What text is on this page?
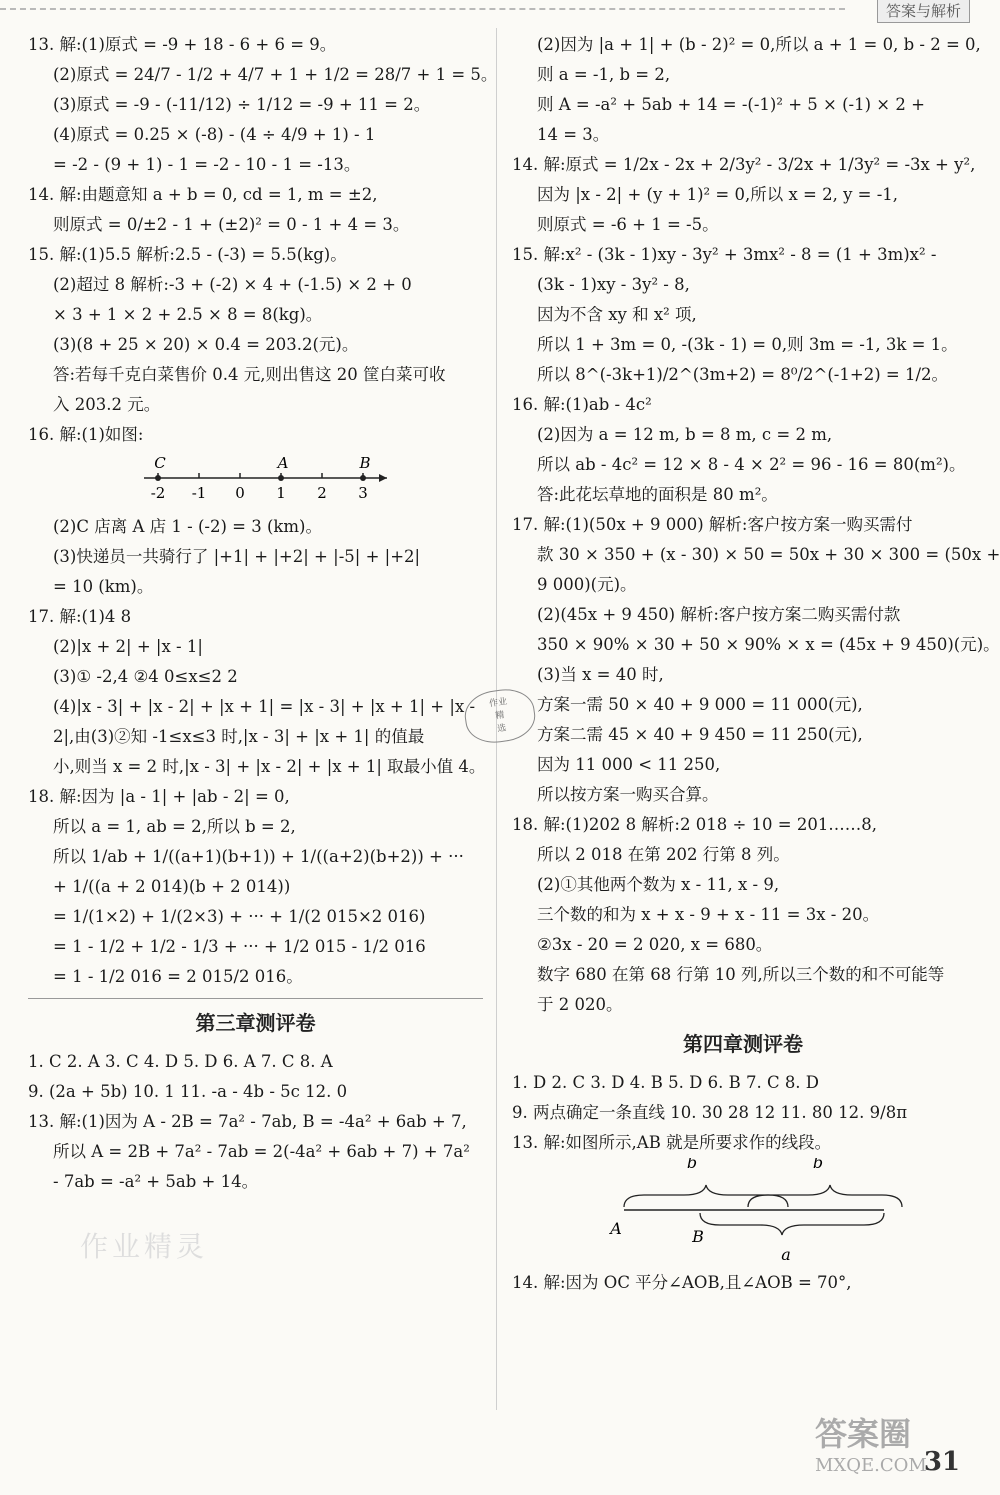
答案与解析
13. 解:(1)原式 = -9 + 18 - 6 + 6 = 9。
(2)原式 = 24/7 - 1/2 + 4/7 + 1 + 1/2 = 28/7 + 1 = 5。
(3)原式 = -9 - (-11/12) ÷ 1/12 = -9 + 11 = 2。
(4)原式 = 0.25 × (-8) - (4 ÷ 4/9 + 1) - 1
= -2 - (9 + 1) - 1 = -2 - 10 - 1 = -13。
14. 解:由题意知 a + b = 0, cd = 1, m = ±2,
则原式 = 0/±2 - 1 + (±2)² = 0 - 1 + 4 = 3。
15. 解:(1)5.5 解析:2.5 - (-3) = 5.5(kg)。
(2)超过 8 解析:-3 + (-2) × 4 + (-1.5) × 2 + 0
× 3 + 1 × 2 + 2.5 × 8 = 8(kg)。
(3)(8 + 25 × 20) × 0.4 = 203.2(元)。
答:若每千克白菜售价 0.4 元,则出售这 20 筐白菜可收
入 203.2 元。
16. 解:(1)如图:
-2 -1 0 1 2 3
C	A	B
(2)C 店离 A 店 1 - (-2) = 3 (km)。
(3)快递员一共骑行了 |+1| + |+2| + |-5| + |+2|
= 10 (km)。
17. 解:(1)4 8
(2)|x + 2| + |x - 1|
(3)① -2,4 ②4 0≤x≤2 2
(4)|x - 3| + |x - 2| + |x + 1| = |x - 3| + |x + 1| + |x -
2|,由(3)②知 -1≤x≤3 时,|x - 3| + |x + 1| 的值最
小,则当 x = 2 时,|x - 3| + |x - 2| + |x + 1| 取最小值 4。
18. 解:因为 |a - 1| + |ab - 2| = 0,
所以 a = 1, ab = 2,所以 b = 2,
所以 1/ab + 1/((a+1)(b+1)) + 1/((a+2)(b+2)) + ···
+ 1/((a + 2 014)(b + 2 014))
= 1/(1×2) + 1/(2×3) + ··· + 1/(2 015×2 016)
= 1 - 1/2 + 1/2 - 1/3 + ··· + 1/2 015 - 1/2 016
= 1 - 1/2 016 = 2 015/2 016。
第三章测评卷
1. C 2. A 3. C 4. D 5. D 6. A 7. C 8. A
9. (2a + 5b) 10. 1 11. -a - 4b - 5c 12. 0
13. 解:(1)因为 A - 2B = 7a² - 7ab, B = -4a² + 6ab + 7,
所以 A = 2B + 7a² - 7ab = 2(-4a² + 6ab + 7) + 7a²
- 7ab = -a² + 5ab + 14。
(2)因为 |a + 1| + (b - 2)² = 0,所以 a + 1 = 0, b - 2 = 0,
则 a = -1, b = 2,
则 A = -a² + 5ab + 14 = -(-1)² + 5 × (-1) × 2 +
14 = 3。
14. 解:原式 = 1/2x - 2x + 2/3y² - 3/2x + 1/3y² = -3x + y²,
因为 |x - 2| + (y + 1)² = 0,所以 x = 2, y = -1,
则原式 = -6 + 1 = -5。
15. 解:x² - (3k - 1)xy - 3y² + 3mx² - 8 = (1 + 3m)x² -
(3k - 1)xy - 3y² - 8,
因为不含 xy 和 x² 项,
所以 1 + 3m = 0, -(3k - 1) = 0,则 3m = -1, 3k = 1。
所以 8^(-3k+1)/2^(3m+2) = 8⁰/2^(-1+2) = 1/2。
16. 解:(1)ab - 4c²
(2)因为 a = 12 m, b = 8 m, c = 2 m,
所以 ab - 4c² = 12 × 8 - 4 × 2² = 96 - 16 = 80(m²)。
答:此花坛草地的面积是 80 m²。
17. 解:(1)(50x + 9 000) 解析:客户按方案一购买需付
款 30 × 350 + (x - 30) × 50 = 50x + 30 × 300 = (50x +
9 000)(元)。
(2)(45x + 9 450) 解析:客户按方案二购买需付款
350 × 90% × 30 + 50 × 90% × x = (45x + 9 450)(元)。
(3)当 x = 40 时,
方案一需 50 × 40 + 9 000 = 11 000(元),
方案二需 45 × 40 + 9 450 = 11 250(元),
因为 11 000 < 11 250,
所以按方案一购买合算。
18. 解:(1)202 8 解析:2 018 ÷ 10 = 201……8,
所以 2 018 在第 202 行第 8 列。
(2)①其他两个数为 x - 11, x - 9,
三个数的和为 x + x - 9 + x - 11 = 3x - 20。
②3x - 20 = 2 020, x = 680。
数字 680 在第 68 行第 10 列,所以三个数的和不可能等
于 2 020。
第四章测评卷
1. D 2. C 3. D 4. B 5. D 6. B 7. C 8. D
9. 两点确定一条直线 10. 30 28 12 11. 80 12. 9/8π
13. 解:如图所示,AB 就是所要求作的线段。
b	b
a
A	B
14. 解:因为 OC 平分∠AOB,且∠AOB = 70°,
作业
精
选
作业精灵
答案圈
MXQE.COM
31
